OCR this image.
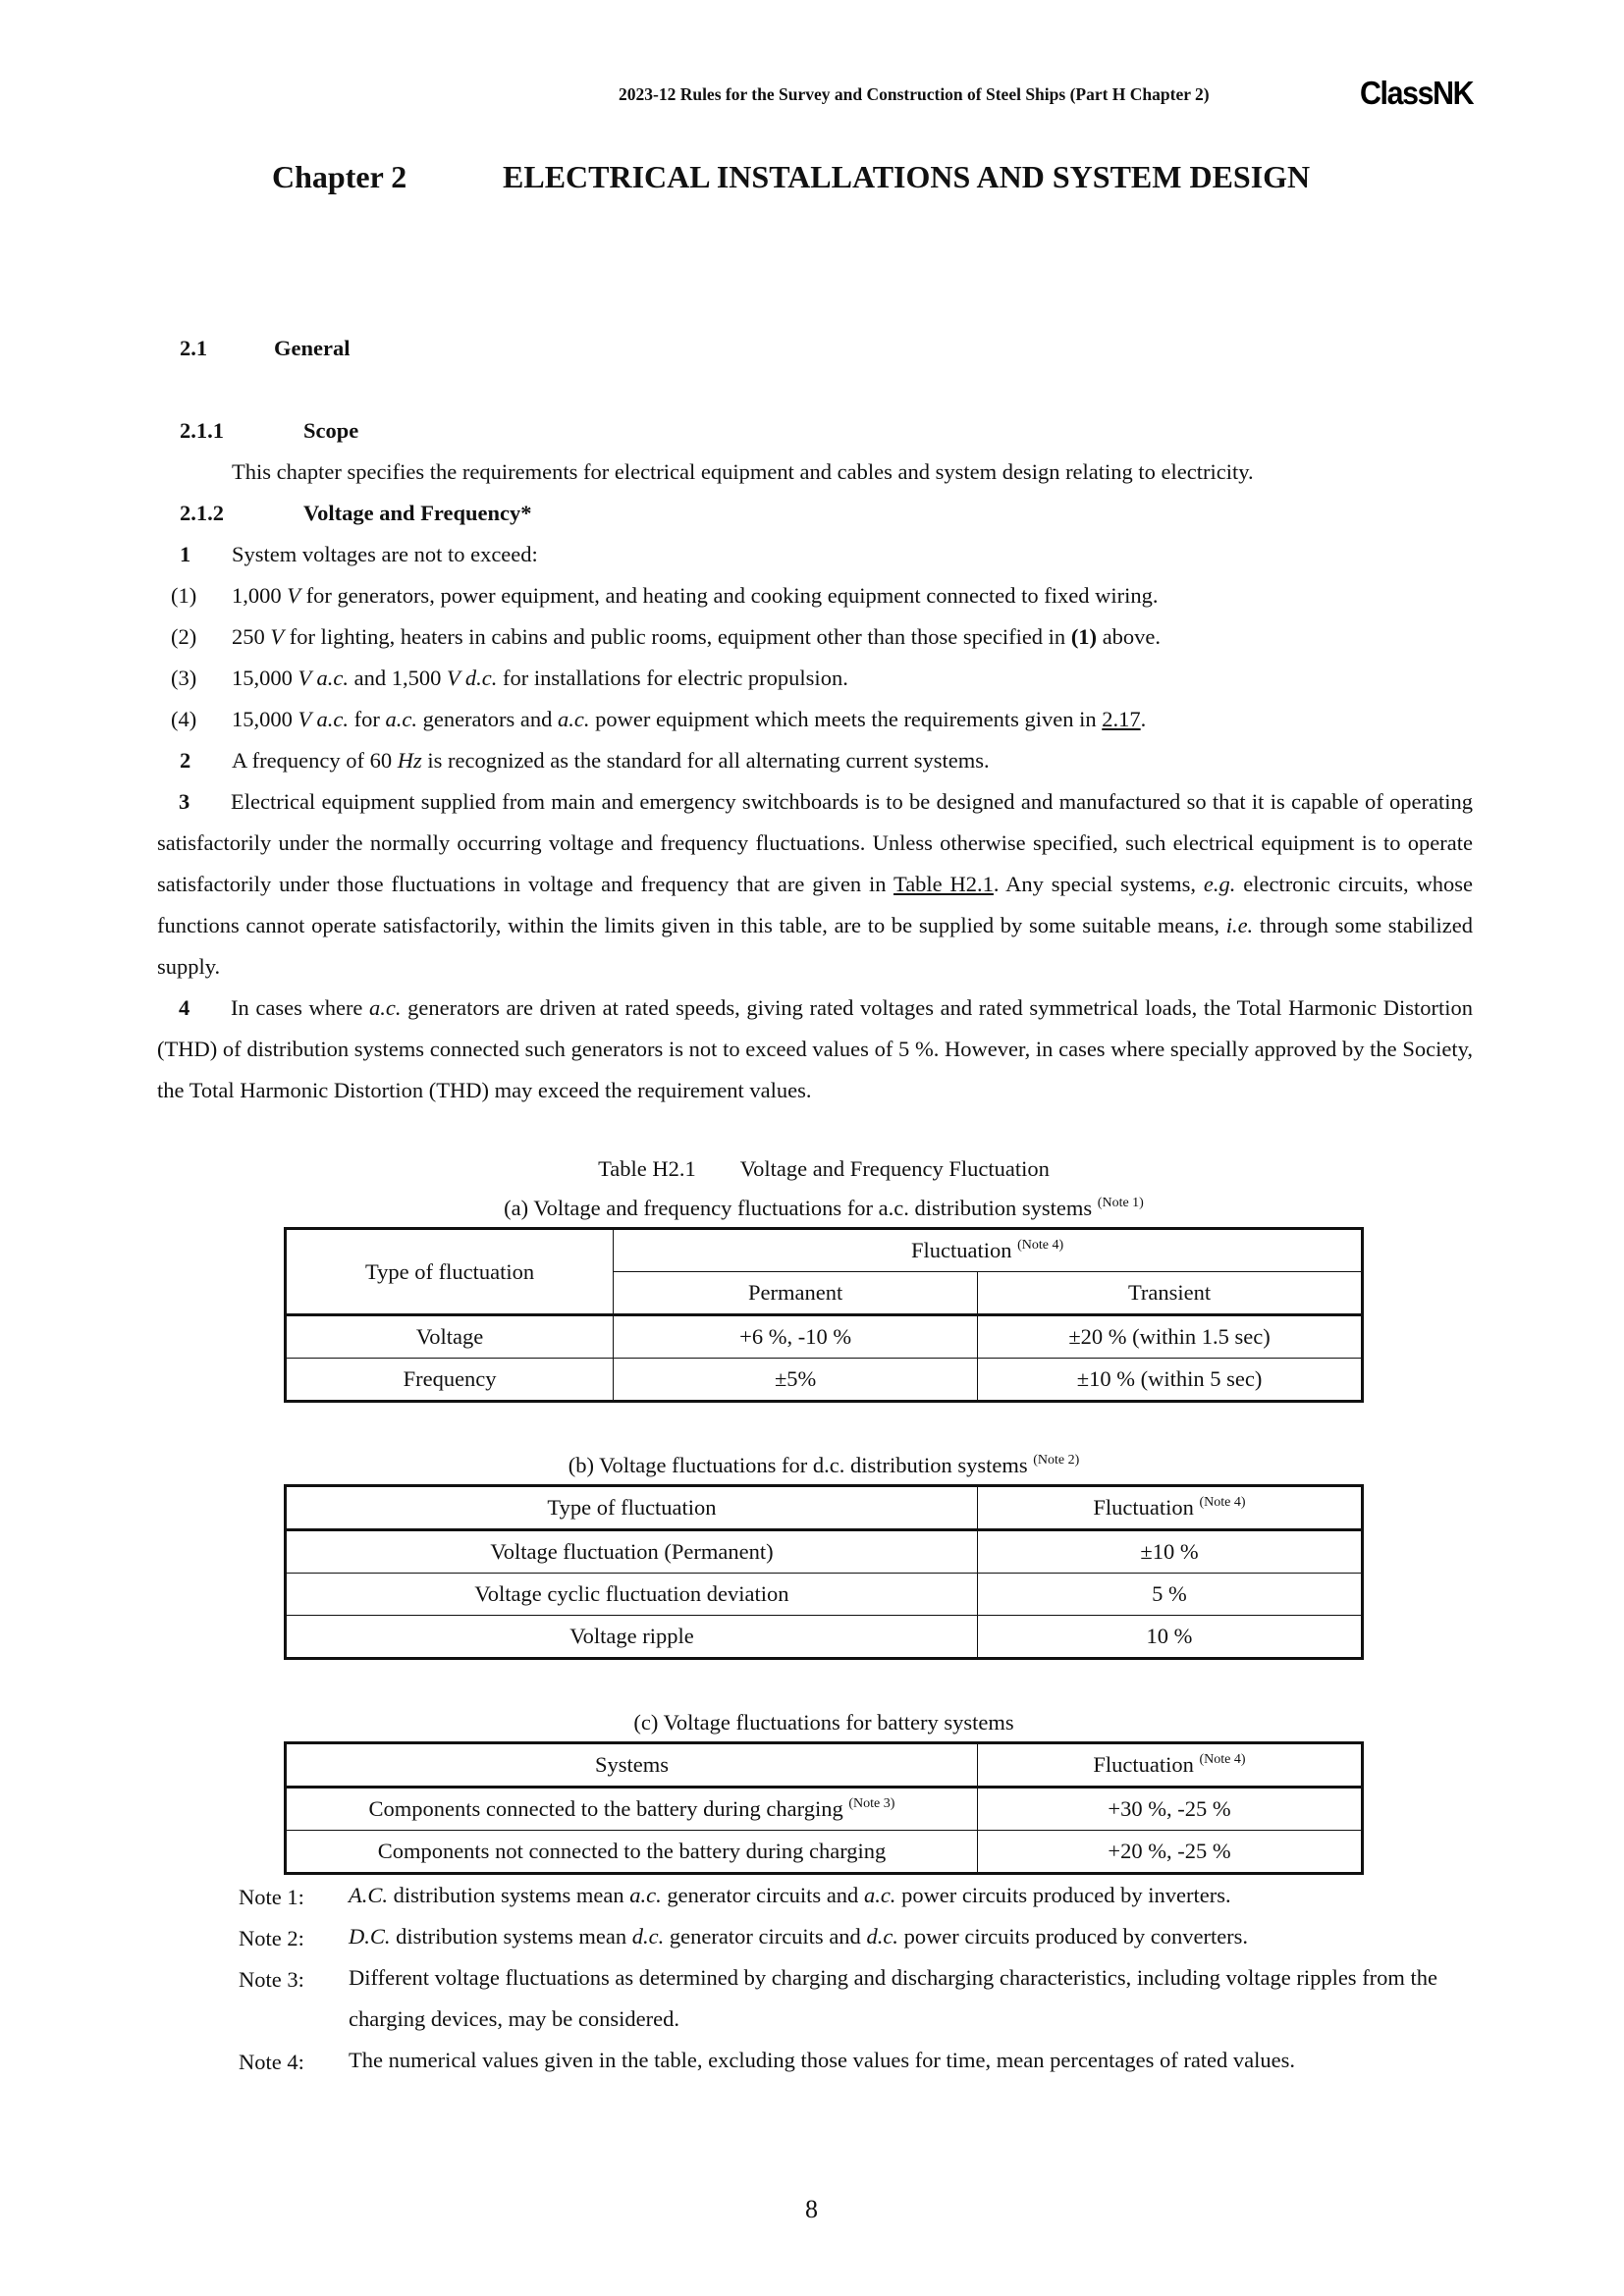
2023-12 Rules for the Survey and Construction of Steel Ships (Part H Chapter 2)	ClassNK
Chapter 2	ELECTRICAL INSTALLATIONS AND SYSTEM DESIGN
2.1	General
2.1.1	Scope
This chapter specifies the requirements for electrical equipment and cables and system design relating to electricity.
2.1.2	Voltage and Frequency*
1 System voltages are not to exceed:
(1) 1,000 V for generators, power equipment, and heating and cooking equipment connected to fixed wiring.
(2) 250 V for lighting, heaters in cabins and public rooms, equipment other than those specified in (1) above.
(3) 15,000 V a.c. and 1,500 V d.c. for installations for electric propulsion.
(4) 15,000 V a.c. for a.c. generators and a.c. power equipment which meets the requirements given in 2.17.
2 A frequency of 60 Hz is recognized as the standard for all alternating current systems.

3 Electrical equipment supplied from main and emergency switchboards is to be designed and manufactured so that it is capable of operating satisfactorily under the normally occurring voltage and frequency fluctuations. Unless otherwise specified, such electrical equipment is to operate satisfactorily under those fluctuations in voltage and frequency that are given in Table H2.1. Any special systems, e.g. electronic circuits, whose functions cannot operate satisfactorily, within the limits given in this table, are to be supplied by some suitable means, i.e. through some stabilized supply.

4 In cases where a.c. generators are driven at rated speeds, giving rated voltages and rated symmetrical loads, the Total Harmonic Distortion (THD) of distribution systems connected such generators is not to exceed values of 5 %. However, in cases where specially approved by the Society, the Total Harmonic Distortion (THD) may exceed the requirement values.

Table H2.1  Voltage and Frequency Fluctuation
(a) Voltage and frequency fluctuations for a.c. distribution systems $^{(Note 1)}$
Type of fluctuation	Fluctuation $^{(Note 4)}$
Permanent	Transient
Voltage	+6 %, -10 %	±20 % (within 1.5 sec)
Frequency	±5%	±10 % (within 5 sec)
(b) Voltage fluctuations for d.c. distribution systems $^{(Note 2)}$
Type of fluctuation	Fluctuation $^{(Note 4)}$
Voltage fluctuation (Permanent)	±10 %
Voltage cyclic fluctuation deviation	5 %
Voltage ripple	10 %
(c) Voltage fluctuations for battery systems
Systems	Fluctuation $^{(Note 4)}$
Components connected to the battery during charging $^{(Note 3)}$	+30 %, -25 %
Components not connected to the battery during charging	+20 %, -25 %
Note 1: A.C. distribution systems mean a.c. generator circuits and a.c. power circuits produced by inverters.
Note 2: D.C. distribution systems mean d.c. generator circuits and d.c. power circuits produced by converters.
Note 3: Different voltage fluctuations as determined by charging and discharging characteristics, including voltage ripples from the charging devices, may be considered.
Note 4: The numerical values given in the table, excluding those values for time, mean percentages of rated values.
8
